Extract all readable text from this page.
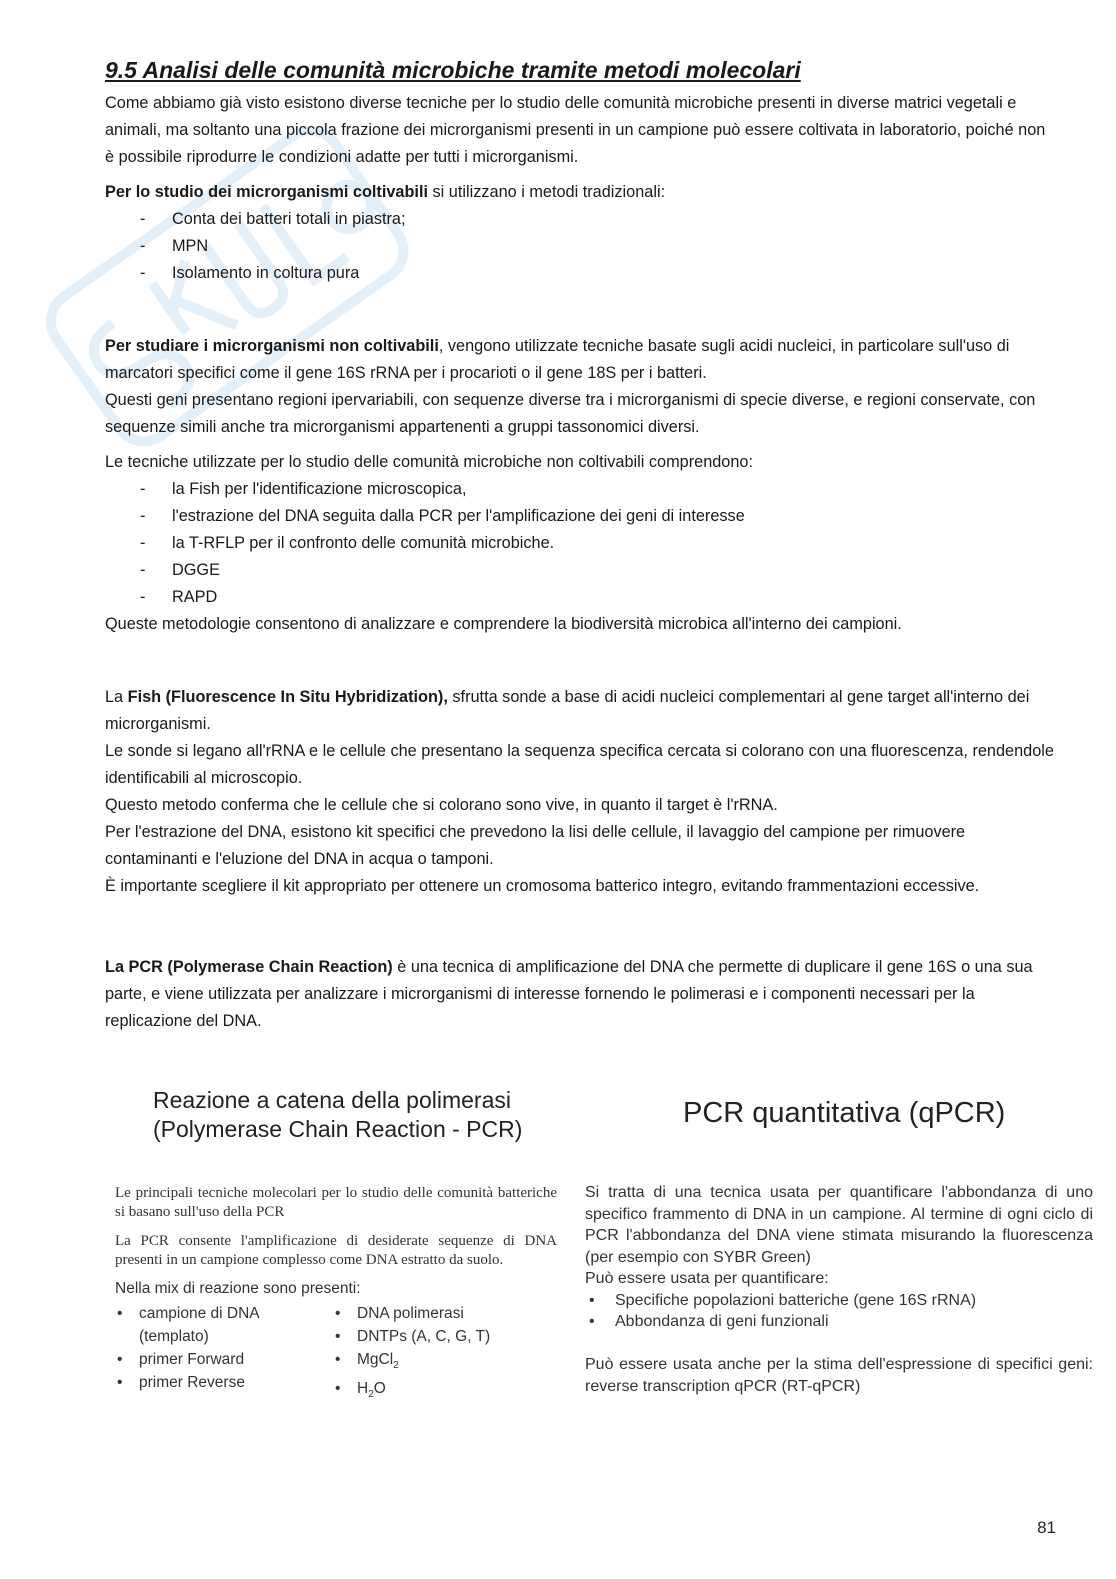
9.5 Analisi delle comunità microbiche tramite metodi molecolari

Come abbiamo già visto esistono diverse tecniche per lo studio delle comunità microbiche presenti in diverse matrici vegetali e animali, ma soltanto una piccola frazione dei microrganismi presenti in un campione può essere coltivata in laboratorio, poiché non è possibile riprodurre le condizioni adatte per tutti i microrganismi.

Per lo studio dei microrganismi coltivabili si utilizzano i metodi tradizionali:

- Conta dei batteri totali in piastra;
- MPN
- Isolamento in coltura pura

Per studiare i microrganismi non coltivabili, vengono utilizzate tecniche basate sugli acidi nucleici, in particolare sull'uso di marcatori specifici come il gene 16S rRNA per i procarioti o il gene 18S per i batteri.

Questi geni presentano regioni ipervariabili, con sequenze diverse tra i microrganismi di specie diverse, e regioni conservate, con sequenze simili anche tra microrganismi appartenenti a gruppi tassonomici diversi.

Le tecniche utilizzate per lo studio delle comunità microbiche non coltivabili comprendono:

- la Fish per l'identificazione microscopica,
- l'estrazione del DNA seguita dalla PCR per l'amplificazione dei geni di interesse
- la T-RFLP per il confronto delle comunità microbiche.
- DGGE
- RAPD

Queste metodologie consentono di analizzare e comprendere la biodiversità microbica all'interno dei campioni.

La Fish (Fluorescence In Situ Hybridization), sfrutta sonde a base di acidi nucleici complementari al gene target all'interno dei microrganismi.

Le sonde si legano all'rRNA e le cellule che presentano la sequenza specifica cercata si colorano con una fluorescenza, rendendole identificabili al microscopio.

Questo metodo conferma che le cellule che si colorano sono vive, in quanto il target è l'rRNA.

Per l'estrazione del DNA, esistono kit specifici che prevedono la lisi delle cellule, il lavaggio del campione per rimuovere contaminanti e l'eluzione del DNA in acqua o tamponi.

È importante scegliere il kit appropriato per ottenere un cromosoma batterico integro, evitando frammentazioni eccessive.

La PCR (Polymerase Chain Reaction) è una tecnica di amplificazione del DNA che permette di duplicare il gene 16S o una sua parte, e viene utilizzata per analizzare i microrganismi di interesse fornendo le polimerasi e i componenti necessari per la replicazione del DNA.

Reazione a catena della polimerasi
(Polymerase Chain Reaction - PCR)

Le principali tecniche molecolari per lo studio delle comunità batteriche si basano sull'uso della PCR

La PCR consente l'amplificazione di desiderate sequenze di DNA presenti in un campione complesso come DNA estratto da suolo.

Nella mix di reazione sono presenti:
• campione di DNA
(templato)
• primer Forward
• primer Reverse
• DNA polimerasi
• DNTPs (A, C, G, T)
• MgCl$_2$
• $H_2O$
PCR quantitativa (qPCR)

Si tratta di una tecnica usata per quantificare l'abbondanza di uno specifico frammento di DNA in un campione. Al termine di ogni ciclo di PCR l'abbondanza del DNA viene stimata misurando la fluorescenza (per esempio con SYBR Green)

Può essere usata per quantificare:

• Specifiche popolazioni batteriche (gene 16S rRNA)
• Abbondanza di geni funzionali

Può essere usata anche per la stima dell'espressione di specifici geni: reverse transcription qPCR (RT-qPCR)

81
